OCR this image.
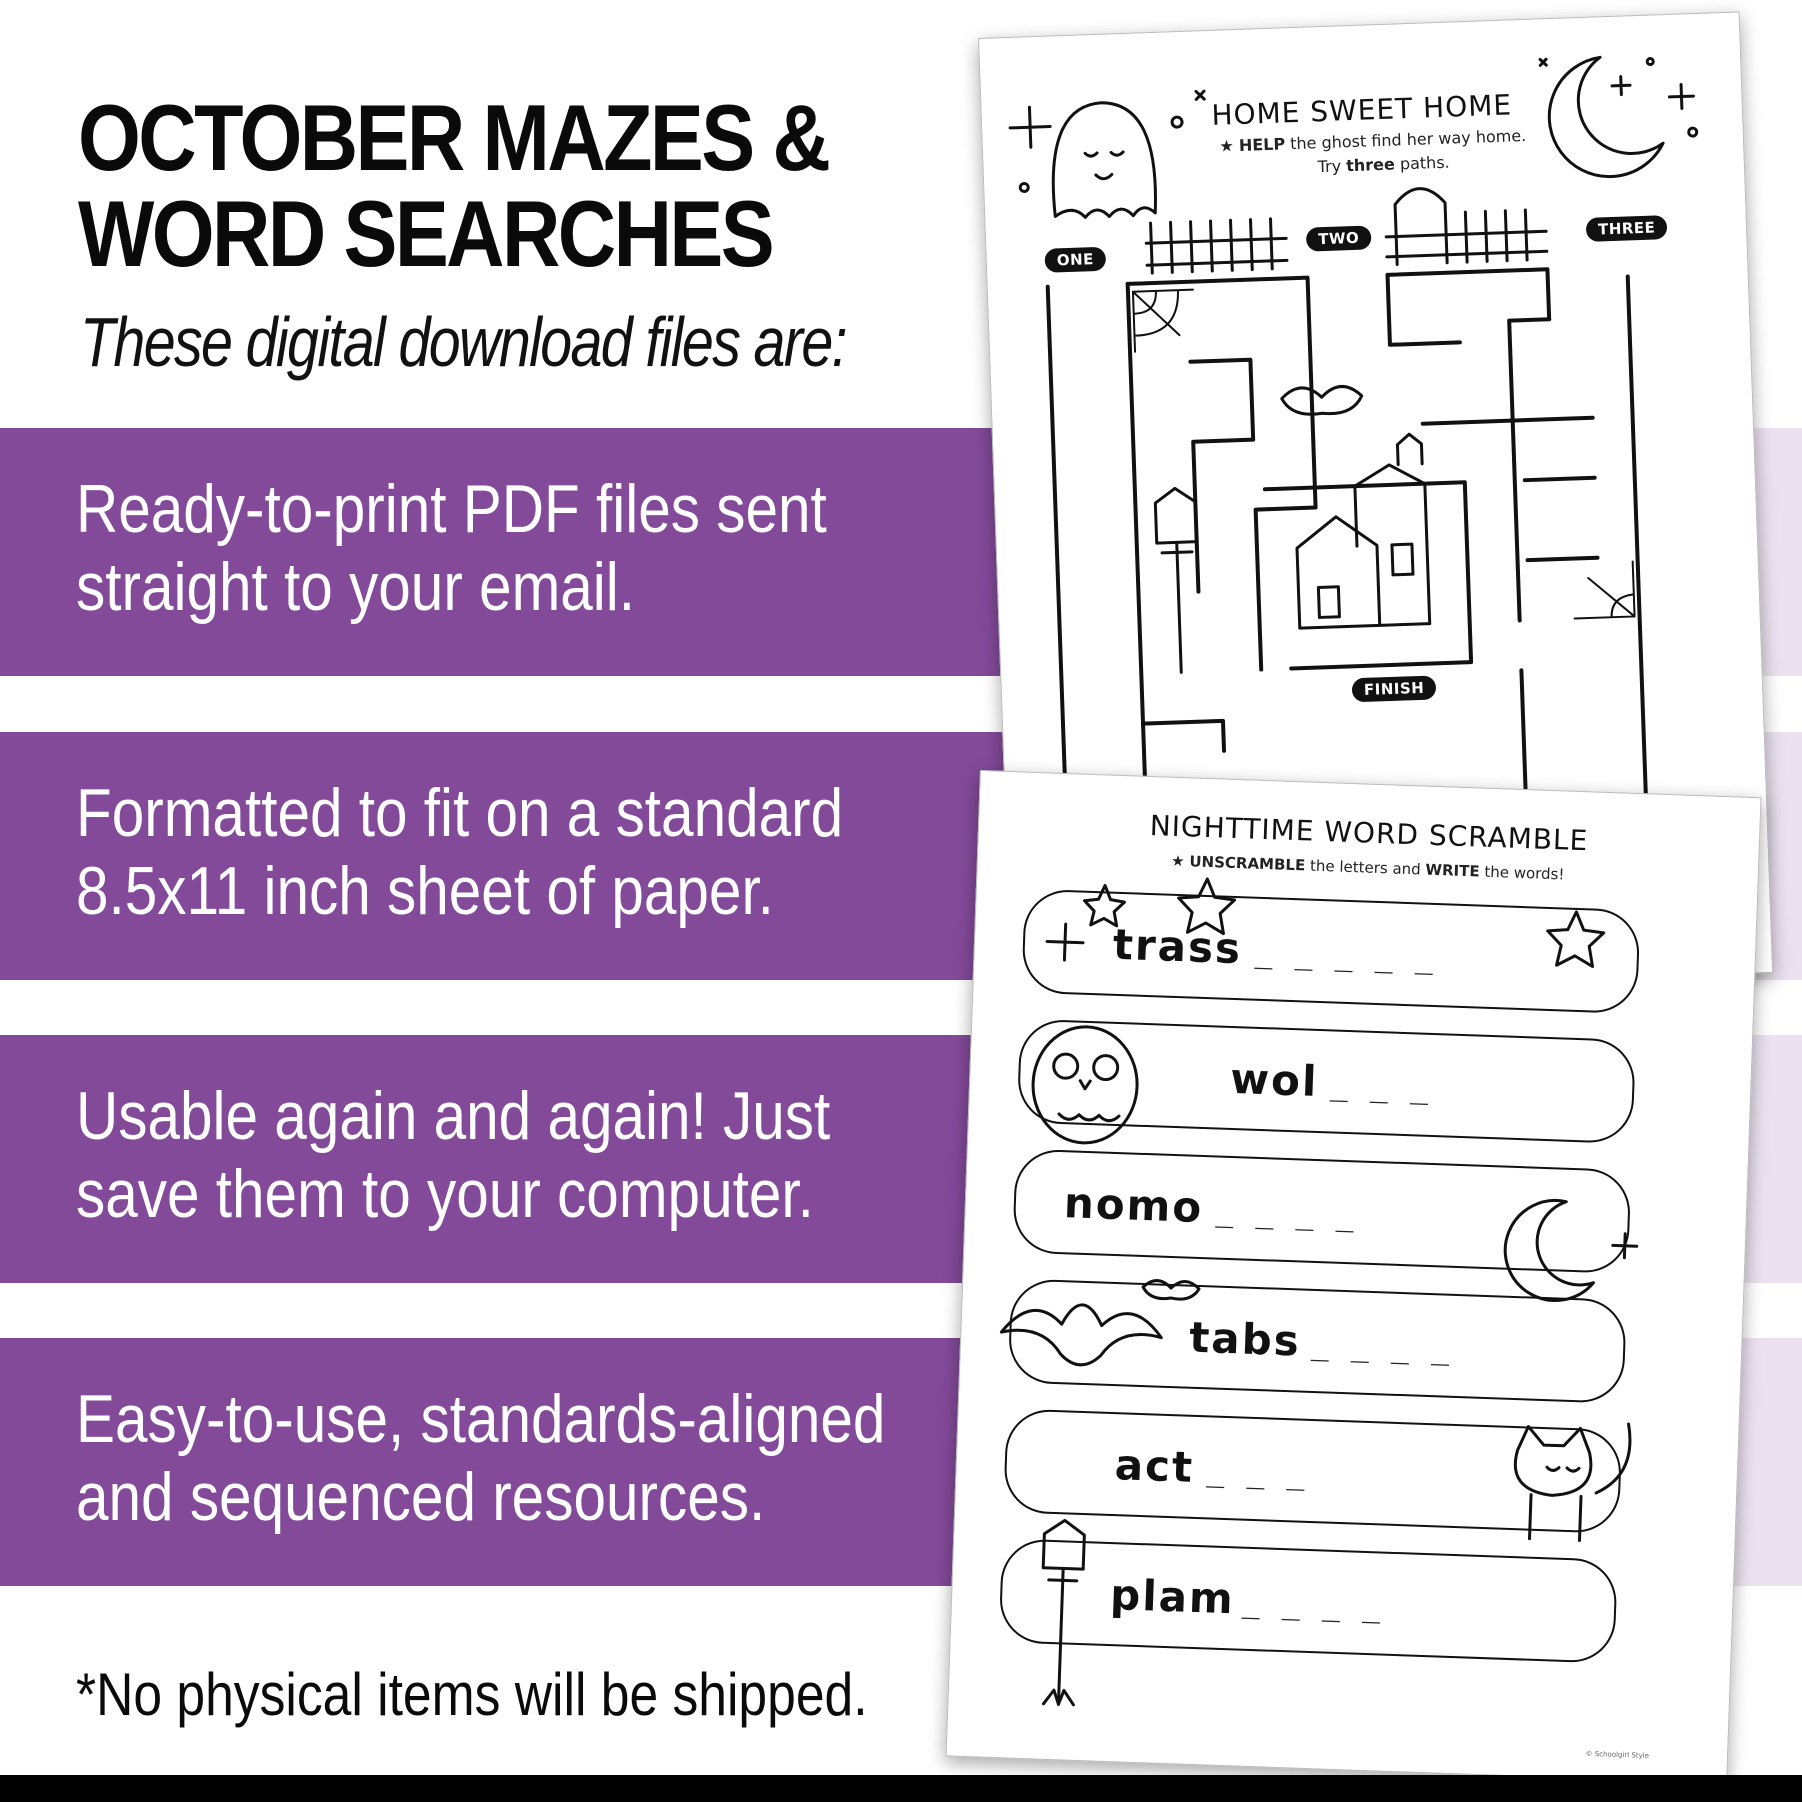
OCTOBER MAZES &
WORD SEARCHES

These digital download files are:

Ready-to-print PDF files sent
straight to your email.
Formatted to fit on a standard
8.5x11 inch sheet of paper.
Usable again and again! Just
save them to your computer.
Easy-to-use, standards-aligned
and sequenced resources.

*No physical items will be shipped.

HOME SWEET HOME

★ HELP the ghost find her way home.

Try three paths.

ONE
TWO
THREE
FINISH

NIGHTTIME WORD SCRAMBLE

★ UNSCRAMBLE the letters and WRITE the words!

trass _ _ _ _ _
wol _ _ _
nomo _ _ _ _
tabs _ _ _ _
act _ _ _
plam _ _ _ _
© Schoolgirl Style
